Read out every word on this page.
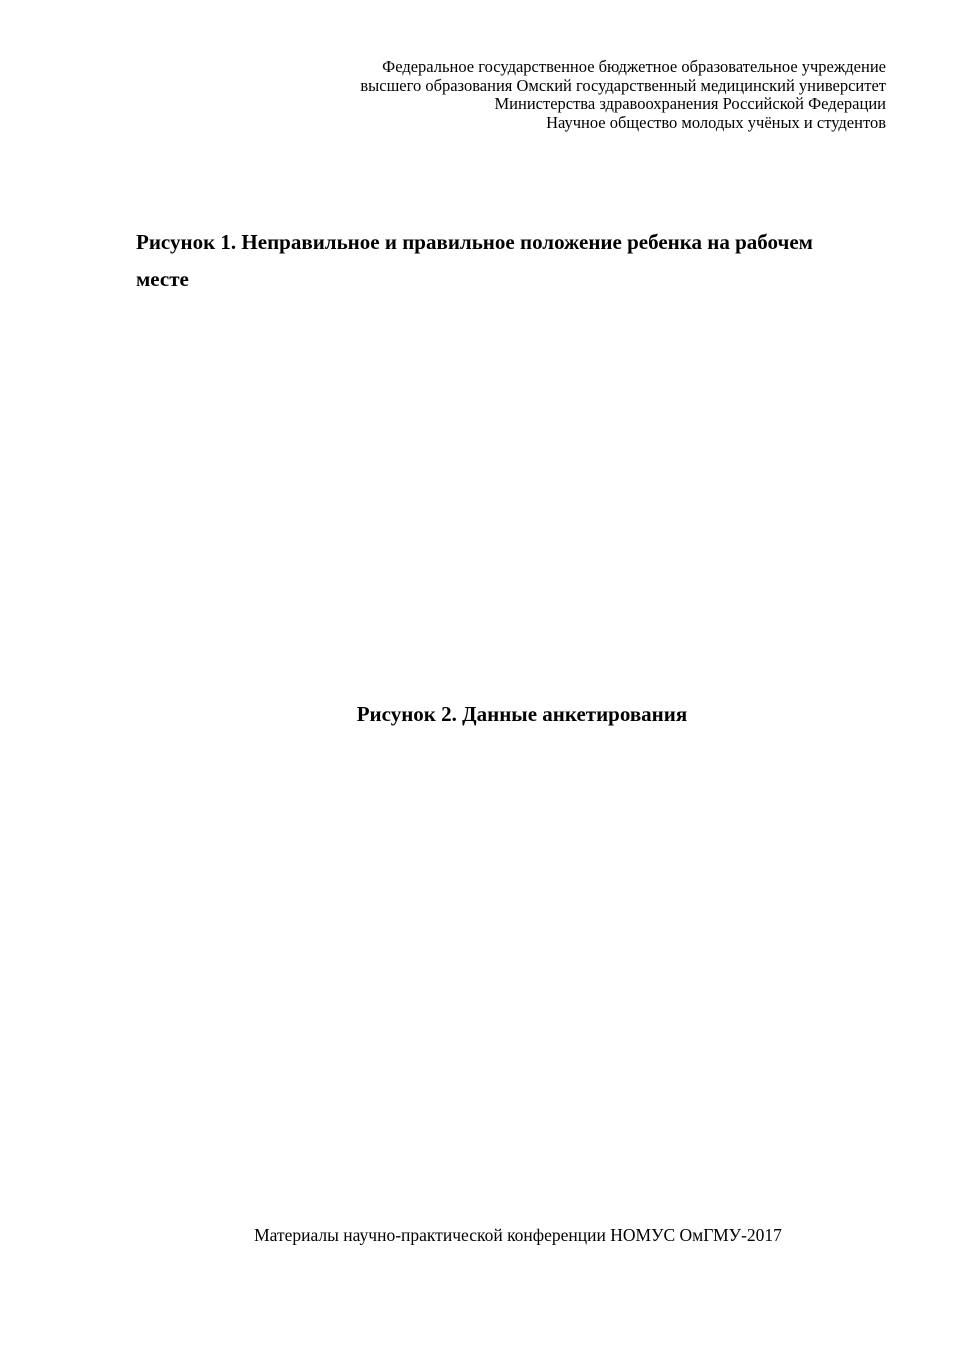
Федеральное государственное бюджетное образовательное учреждение
высшего образования Омский государственный медицинский университет
Министерства здравоохранения Российской Федерации
Научное общество молодых учёных и студентов
Рисунок 1. Неправильное и правильное положение ребенка на рабочем
месте
Рисунок 2. Данные анкетирования
Материалы научно-практической конференции НОМУС ОмГМУ-2017
